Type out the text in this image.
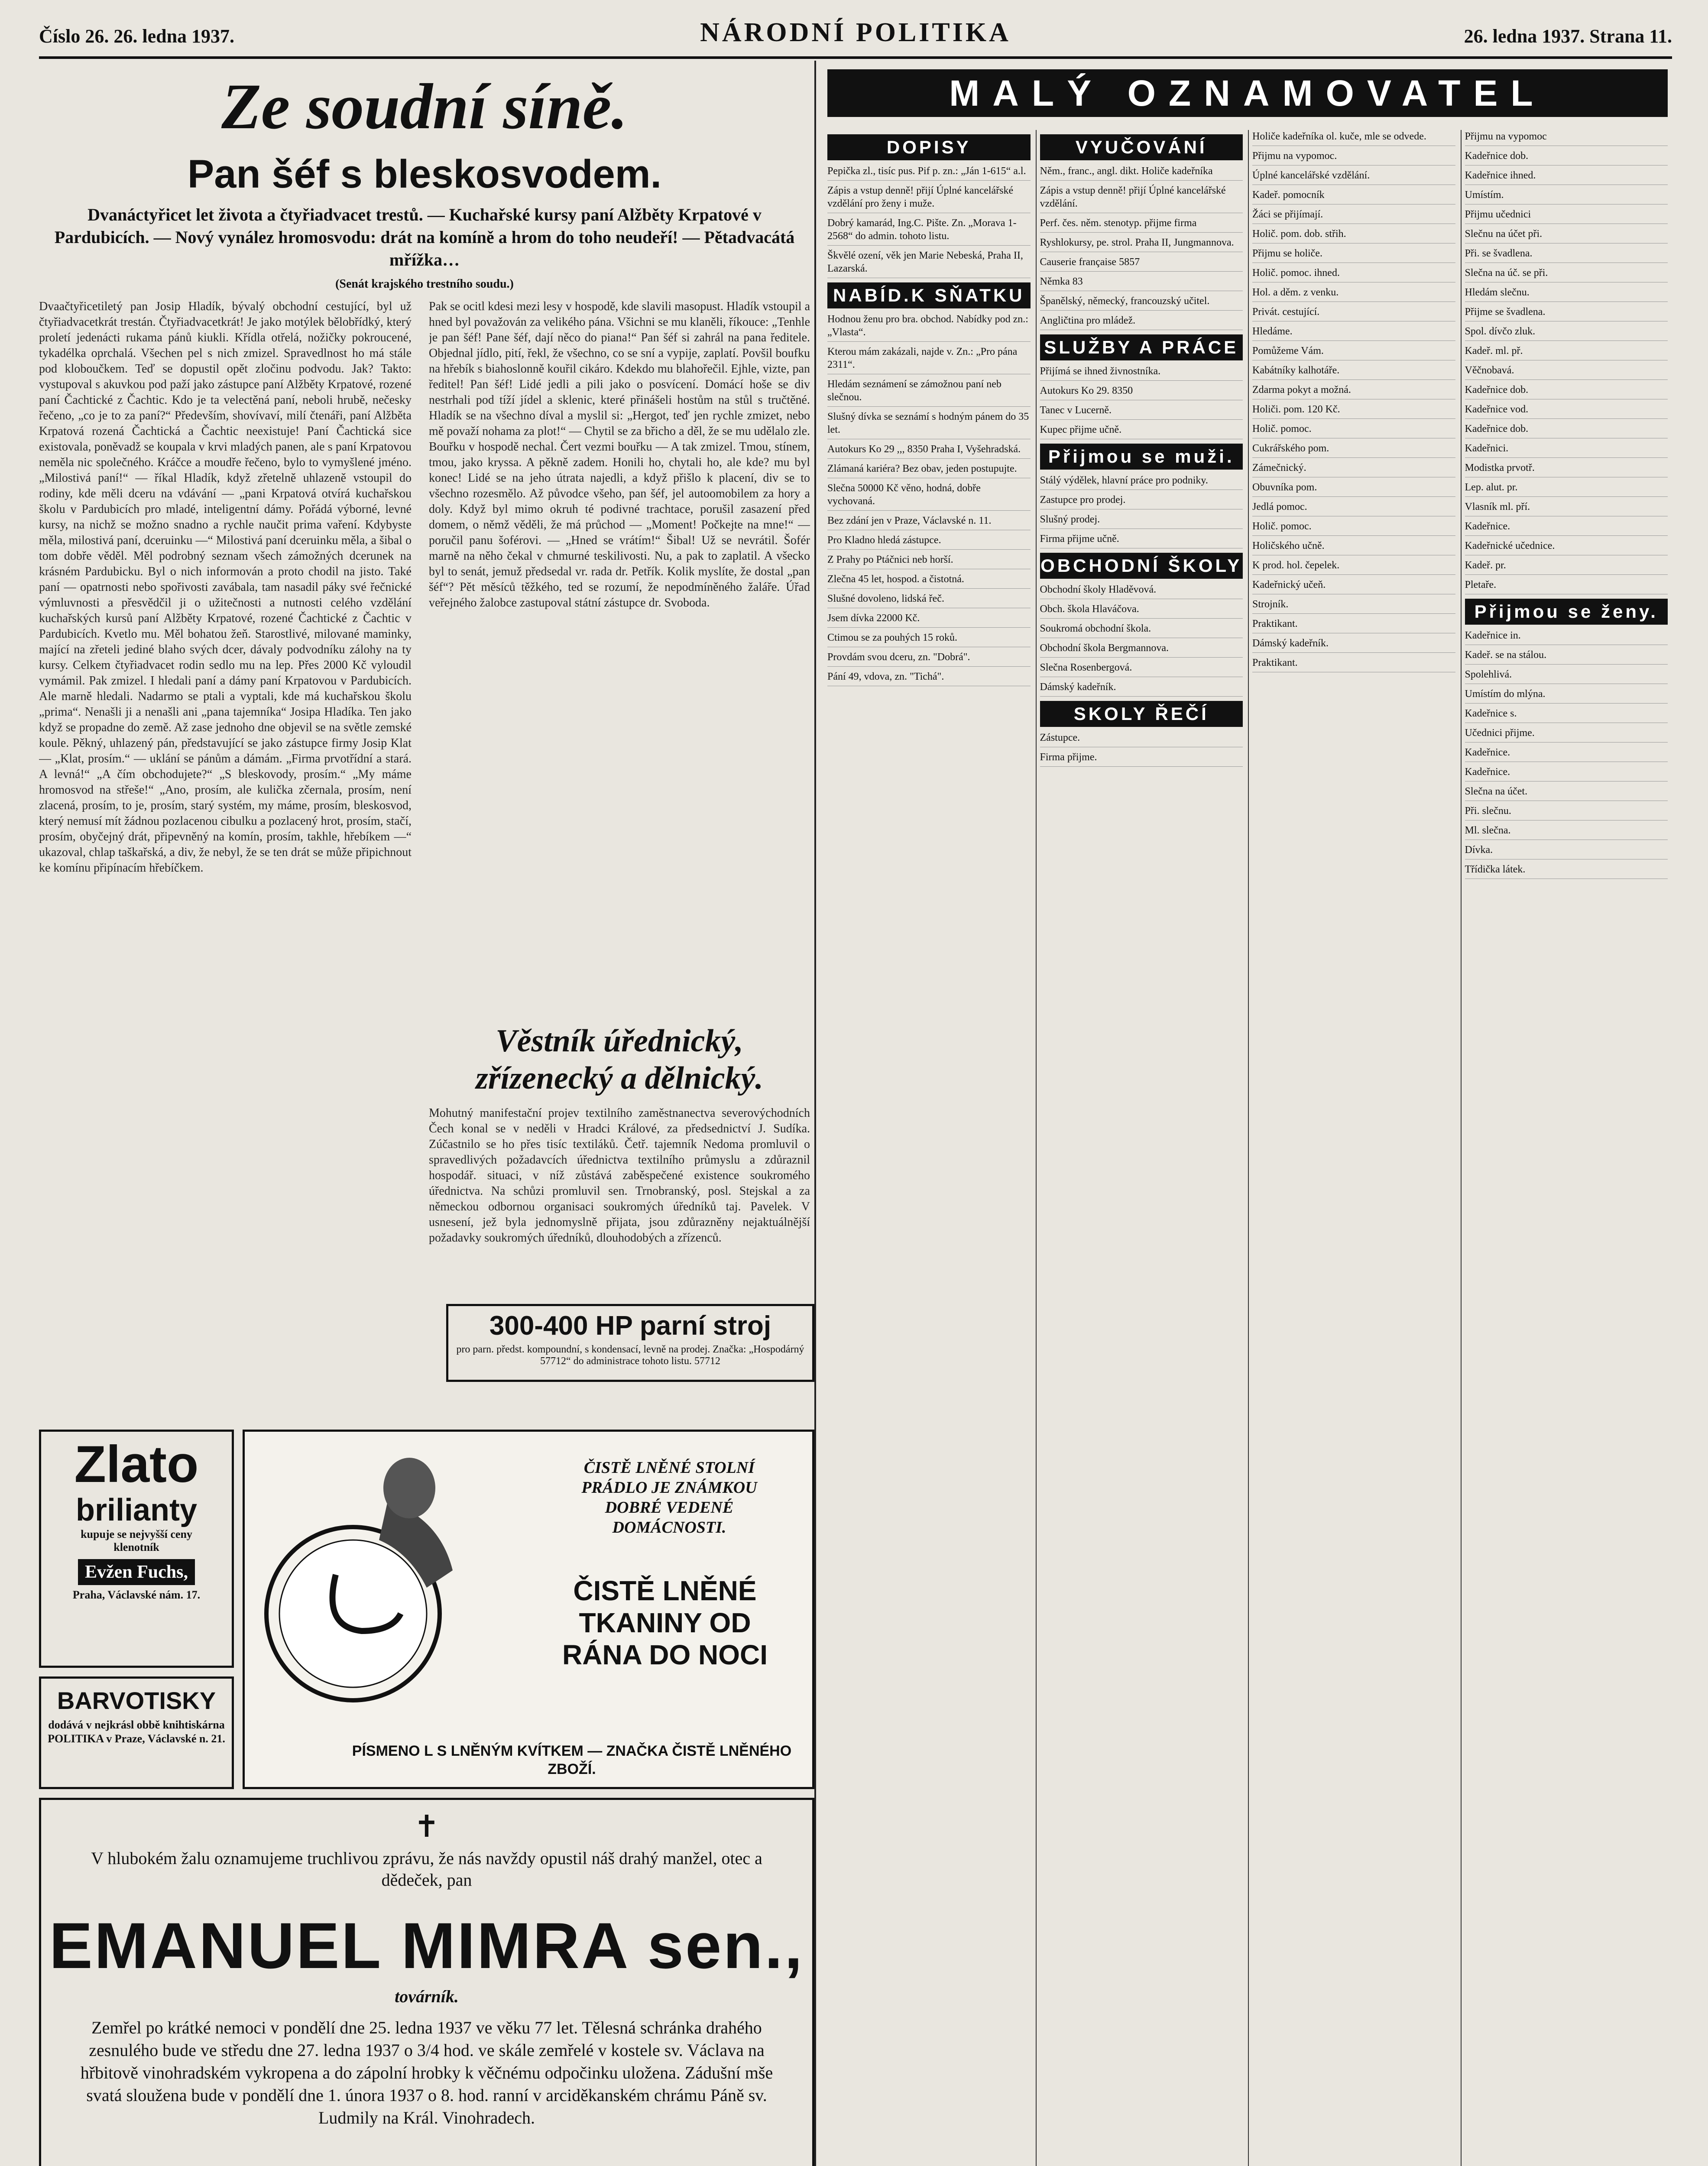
Číslo 26. 26. ledna 1937.	NÁRODNÍ POLITIKA	26. ledna 1937. Strana 11.
Ze soudní síně.
Pan šéf s bleskosvodem.
Dvanáctyřicet let života a čtyřiadvacet trestů. — Kuchařské kursy paní Alžběty Krpatové v Pardubicích. — Nový vynález hromosvodu: drát na komíně a hrom do toho neudeří! — Pětadvacátá mřížka…
(Senát krajského trestního soudu.)
Dvaačtyřicetiletý pan Josip Hladík, bývalý obchodní cestující, byl už čtyřiadvacetkrát trestán. Čtyřiadvacetkrát! Je jako motýlek bělobřídký, který proletí jedenácti rukama pánů kiukli. Křídla otřelá, nožičky pokroucené, tykadélka oprchalá. Všechen pel s nich zmizel. Spravedlnost ho má stále pod kloboučkem. Teď se dopustil opět zločinu podvodu. Jak? Takto: vystupoval s akuvkou pod paží jako zástupce paní Alžběty Krpatové, rozené paní Čachtické z Čachtic. Kdo je ta velectěná paní, neboli hrubě, nečesky řečeno, „co je to za paní?“ Především, shovívaví, milí čtenáři, paní Alžběta Krpatová rozená Čachtická a Čachtic neexistuje! Paní Čachtická sice existovala, poněvadž se koupala v krvi mladých panen, ale s paní Krpatovou neměla nic společného. Kráčce a moudře řečeno, bylo to vymyšlené jméno. „Milostivá paní!“ — říkal Hladík, když zřetelně uhlazeně vstoupil do rodiny, kde měli dceru na vdávání — „pani Krpatová otvírá kuchařskou školu v Pardubicích pro mladé, inteligentní dámy. Pořádá výborné, levné kursy, na nichž se možno snadno a rychle naučit prima vaření. Kdybyste měla, milostivá paní, dceruinku —“ Milostivá paní dceruinku měla, a šibal o tom dobře věděl. Měl podrobný seznam všech zámožných dcerunek na krásném Pardubicku. Byl o nich informován a proto chodil na jisto. Také paní — opatrnosti nebo spořivosti zavábala, tam nasadil páky své řečnické výmluvnosti a přesvědčil ji o užitečnosti a nutnosti celého vzdělání kuchařských kursů paní Alžběty Krpatové, rozené Čachtické z Čachtic v Pardubicích. Kvetlo mu. Měl bohatou žeň. Starostlivé, milované maminky, mající na zřeteli jediné blaho svých dcer, dávaly podvodníku zálohy na ty kursy. Celkem čtyřiadvacet rodin sedlo mu na lep. Přes 2000 Kč vyloudil vymámil. Pak zmizel. I hledali paní a dámy paní Krpatovou v Pardubicích. Ale marně hledali. Nadarmo se ptali a vyptali, kde má kuchařskou školu „prima“. Nenašli ji a nenašli ani „pana tajemníka“ Josipa Hladíka. Ten jako když se propadne do země. Až zase jednoho dne objevil se na světle zemské koule. Pěkný, uhlazený pán, představující se jako zástupce firmy Josip Klat — „Klat, prosím.“ — uklání se pánům a dámám. „Firma prvotřídní a stará. A levná!“ „A čím obchodujete?“ „S bleskovody, prosím.“ „My máme hromosvod na střeše!“ „Ano, prosím, ale kulička zčernala, prosím, není zlacená, prosím, to je, prosím, starý systém, my máme, prosím, bleskosvod, který nemusí mít žádnou pozlacenou cibulku a pozlacený hrot, prosím, stačí, prosím, obyčejný drát, připevněný na komín, prosím, takhle, hřebíkem —“ ukazoval, chlap taškařská, a div, že nebyl, že se ten drát se může připichnout ke komínu připínacím hřebíčkem.
Pak se ocitl kdesi mezi lesy v hospodě, kde slavili masopust. Hladík vstoupil a hned byl považován za velikého pána. Všichni se mu klaněli, říkouce: „Tenhle je pan šéf! Pane šéf, dají něco do piana!“ Pan šéf si zahrál na pana ředitele. Objednal jídlo, pití, řekl, že všechno, co se sní a vypije, zaplatí. Povšil boufku na hřebík s biahoslonně kouřil cikáro. Kdekdo mu blahořečil. Ejhle, vizte, pan ředitel! Pan šéf! Lidé jedli a pili jako o posvícení. Domácí hoše se div nestrhali pod tíží jídel a sklenic, které přinášeli hostům na stůl s tručtěné. Hladík se na všechno díval a myslil si: „Hergot, teď jen rychle zmizet, nebo mě považí nohama za plot!“ — Chytil se za břicho a děl, že se mu udělalo zle. Bouřku v hospodě nechal. Čert vezmi bouřku — A tak zmizel. Tmou, stínem, tmou, jako kryssa. A pěkně zadem. Honili ho, chytali ho, ale kde? mu byl konec! Lidé se na jeho útrata najedli, a když přišlo k placení, div se to všechno rozesmělo. Až původce všeho, pan šéf, jel autoomobilem za hory a doly. Když byl mimo okruh té podivné trachtace, porušil zasazení před domem, o němž věděli, že má průchod — „Moment! Počkejte na mne!“ — poručil panu šoférovi. — „Hned se vrátím!“ Šibal! Už se nevrátil. Šofér marně na něho čekal v chmurné teskilivosti. Nu, a pak to zaplatil. A všecko byl to senát, jemuž předsedal vr. rada dr. Petřík. Kolik myslíte, že dostal „pan šéf“? Pět měsíců těžkého, ted se rozumí, že nepodmíněného žaláře. Úřad veřejného žalobce zastupoval státní zástupce dr. Svoboda.
Věstník úřednický, zřízenecký a dělnický.
Mohutný manifestační projev textilního zaměstnanectva severovýchodních Čech konal se v neděli v Hradci Králové, za předsednictví J. Sudíka. Zúčastnilo se ho přes tisíc textiláků. Četř. tajemník Nedoma promluvil o spravedlivých požadavcích úřednictva textilního průmyslu a zdůraznil hospodář. situaci, v níž zůstává zaběspečené existence soukromého úřednictva. Na schůzi promluvil sen. Trnobranský, posl. Stejskal a za německou odbornou organisaci soukromých úředníků taj. Pavelek. V usnesení, jež byla jednomyslně přijata, jsou zdůrazněny nejaktuálnější požadavky soukromých úředníků, dlouhodobých a zřízenců.
300-400 HP parní stroj
pro parn. předst. kompoundní, s kondensací, levně na prodej. Značka: „Hospodárný 57712“ do administrace tohoto listu. 57712
Zlato
brilianty
kupuje se nejvyšší ceny
klenotník
Evžen Fuchs,
Praha, Václavské nám. 17.
BARVOTISKY
dodává v nejkrásl obbě knihtiskárna POLITIKA v Praze, Václavské n. 21.
ČISTĚ LNĚNÉ STOLNÍ PRÁDLO JE ZNÁMKOU DOBRÉ VEDENÉ DOMÁCNOSTI.
ČISTĚ LNĚNÉ TKANINY OD RÁNA DO NOCI
PÍSMENO L S LNĚNÝM KVÍTKEM — ZNAČKA ČISTĚ LNĚNÉHO ZBOŽÍ.
✝
V hlubokém žalu oznamujeme truchlivou zprávu, že nás navždy opustil náš drahý manžel, otec a dědeček, pan
EMANUEL MIMRA sen.,
továrník.
Zemřel po krátké nemoci v pondělí dne 25. ledna 1937 ve věku 77 let. Tělesná schránka drahého zesnulého bude ve středu dne 27. ledna 1937 o 3/4 hod. ve skále zemřelé v kostele sv. Václava na hřbitově vinohradském vykropena a do zápolní hrobky k věčnému odpočinku uložena. Zádušní mše svatá sloužena bude v pondělí dne 1. února 1937 o 8. hod. ranní v arciděkanském chrámu Páně sv. Ludmily na Král. Vinohradech.
MALÝ OZNAMOVATEL
DOPISY
Pepička zl., tisíc pus. Pif p. zn.: „Ján 1-615“ a.l.
Zápis a vstup denně! přijí Úplné kancelářské vzdělání pro ženy i muže.
Dobrý kamarád, Ing.C. Pište. Zn. „Morava 1-2568“ do admin. tohoto listu.
Škvělé ození, věk jen Marie Nebeská, Praha II, Lazarská.
NABÍD.K SŇATKU
Hodnou ženu pro bra. obchod. Nabídky pod zn.: „Vlasta“.
Kterou mám zakázali, najde v. Zn.: „Pro pána 2311“.
Hledám seznámení se zámožnou paní neb slečnou.
Slušný dívka se seznámí s hodným pánem do 35 let.
Autokurs Ko 29 ,,, 8350 Praha I, Vyšehradská.
Zlámaná kariéra? Bez obav, jeden postupujte.
Slečna 50000 Kč věno, hodná, dobře vychovaná.
Bez zdání jen v Praze, Václavské n. 11.
Pro Kladno hledá zástupce.
Z Prahy po Ptáčnici neb horší.
Zlečna 45 let, hospod. a čistotná.
Slušné dovoleno, lidská řeč.
Jsem dívka 22000 Kč.
Ctimou se za pouhých 15 roků.
Provdám svou dceru, zn. "Dobrá".
Pání 49, vdova, zn. "Tichá".
VYUČOVÁNÍ
Něm., franc., angl. dikt. Holiče kadeřníka
Zápis a vstup denně! přijí Úplné kancelářské vzdělání.
Perf. čes. něm. stenotyp. přijme firma
Ryshlokursy, pe. strol. Praha II, Jungmannova.
Causerie française 5857
Němka 83
Španělský, německý, francouzský učitel.
Angličtina pro mládež.
SLUŽBY A PRÁCE
Přijímá se ihned živnostníka.
Autokurs Ko 29. 8350
Tanec v Lucerně.
Kupec přijme učně.
Přijmou se muži.
Stálý výdělek, hlavní práce pro podniky.
Zastupce pro prodej.
Slušný prodej.
Firma přijme učně.
OBCHODNÍ ŠKOLY
Obchodní školy Hladěvová.
Obch. škola Hlaváčova.
Soukromá obchodní škola.
Obchodní škola Bergmannova.
Slečna Rosenbergová.
Dámský kadeřník.
SKOLY ŘEČÍ
Zástupce.
Firma přijme.
Holiče kadeřníka ol. kuče, mle se odvede.
Přijmu na vypomoc.
Úplné kancelářské vzdělání.
Kadeř. pomocník
Žáci se přijímají.
Holič. pom. dob. střih.
Přijmu se holiče.
Holič. pomoc. ihned.
Hol. a děm. z venku.
Privát. cestující.
Hledáme.
Pomůžeme Vám.
Kabátníky kalhotáře.
Zdarma pokyt a možná.
Holiči. pom. 120 Kč.
Holič. pomoc.
Cukrářského pom.
Zámečnický.
Obuvníka pom.
Jedlá pomoc.
Holič. pomoc.
Holičského učně.
K prod. hol. čepelek.
Kadeřnický učeň.
Strojník.
Praktikant.
Dámský kadeřník.
Praktikant.
Přijmu na vypomoc
Kadeřnice dob.
Kadeřnice ihned.
Umístím.
Přijmu učednici
Slečnu na účet při.
Při. se švadlena.
Slečna na úč. se při.
Hledám slečnu.
Přijme se švadlena.
Spol. dívčo zluk.
Kadeř. ml. př.
Věčnobavá.
Kadeřnice dob.
Kadeřnice vod.
Kadeřnice dob.
Kadeřnici.
Modistka prvotř.
Lep. alut. pr.
Vlasník ml. pří.
Kadeřnice.
Kadeřnické učednice.
Kadeř. pr.
Pletaře.
Přijmou se ženy.
Kadeřnice in.
Kadeř. se na stálou.
Spolehlivá.
Umístím do mlýna.
Kadeřnice s.
Učednici přijme.
Kadeřnice.
Kadeřnice.
Slečna na účet.
Při. slečnu.
Ml. slečna.
Dívka.
Třídička látek.
